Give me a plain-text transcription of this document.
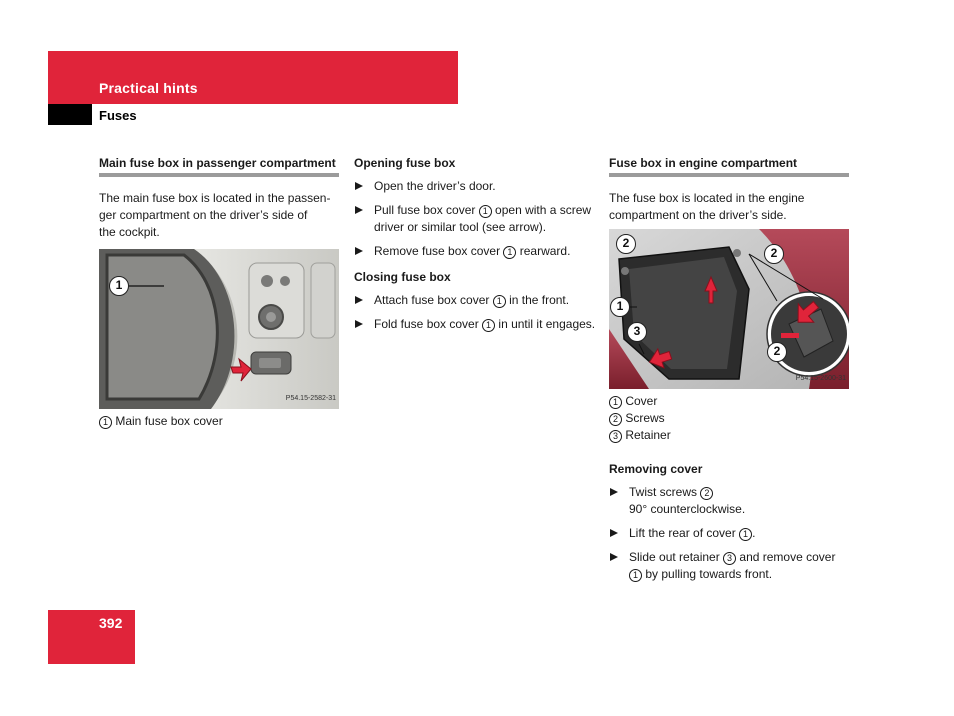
Practical hints
Fuses
Main fuse box in passenger compartment
The main fuse box is located in the passen-
ger compartment on the driver’s side of
the cockpit.
1
P54.15-2582-31
1 Main fuse box cover
Opening fuse box
Open the driver’s door.
Pull fuse box cover 1 open with a screw driver or similar tool (see arrow).
Remove fuse box cover 1 rearward.
Closing fuse box
Attach fuse box cover 1 in the front.
Fold fuse box cover 1 in until it engages.
Fuse box in engine compartment
The fuse box is located in the engine
compartment on the driver’s side.
2
2
1
3
2
P54.15-2600-31
1 Cover
2 Screws
3 Retainer
Removing cover
Twist screws 2
90° counterclockwise.
Lift the rear of cover 1 .
Slide out retainer 3 and remove cover 1 by pulling towards front.
392
